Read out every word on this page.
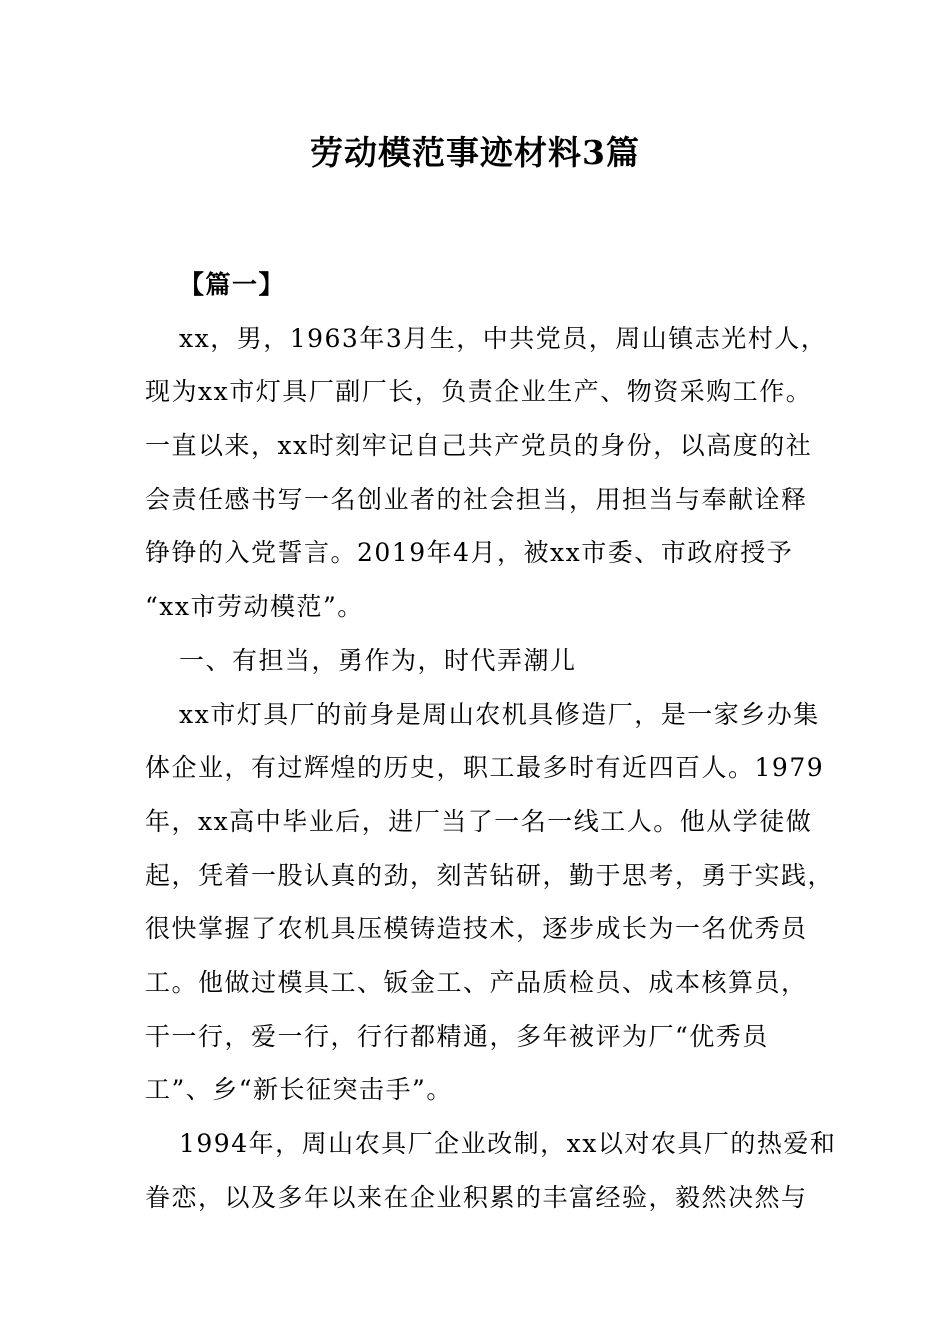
劳动模范事迹材料3篇
【篇一】
xx，男，1963年3月生，中共党员，周山镇志光村人，
现为xx市灯具厂副厂长，负责企业生产、物资采购工作。
一直以来，xx时刻牢记自己共产党员的身份，以高度的社
会责任感书写一名创业者的社会担当，用担当与奉献诠释
铮铮的入党誓言。2019年4月，被xx市委、市政府授予
“xx市劳动模范”。
一、有担当，勇作为，时代弄潮儿
xx市灯具厂的前身是周山农机具修造厂，是一家乡办集
体企业，有过辉煌的历史，职工最多时有近四百人。1979
年，xx高中毕业后，进厂当了一名一线工人。他从学徒做
起，凭着一股认真的劲，刻苦钻研，勤于思考，勇于实践，
很快掌握了农机具压模铸造技术，逐步成长为一名优秀员
工。他做过模具工、钣金工、产品质检员、成本核算员，
干一行，爱一行，行行都精通，多年被评为厂“优秀员
工”、乡“新长征突击手”。
1994年，周山农具厂企业改制，xx以对农具厂的热爱和
眷恋，以及多年以来在企业积累的丰富经验，毅然决然与
